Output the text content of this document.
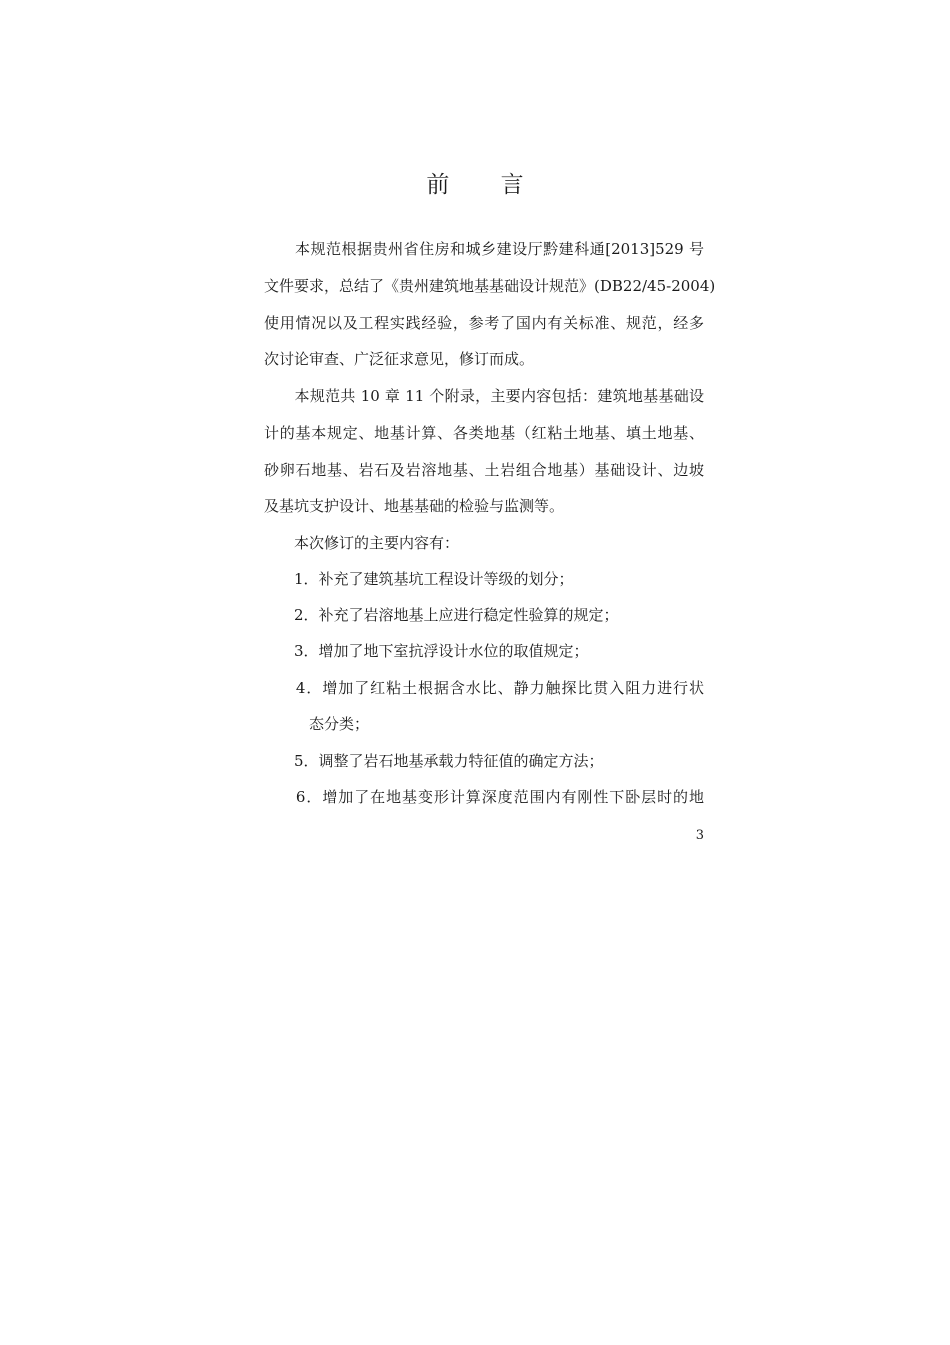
前 言
　　本规范根据贵州省住房和城乡建设厅黔建科通[2013]529 号
文件要求，总结了《贵州建筑地基基础设计规范》(DB22/45-2004)
使用情况以及工程实践经验，参考了国内有关标准、规范，经多
次讨论审查、广泛征求意见，修订而成。
　　本规范共 10 章 11 个附录，主要内容包括：建筑地基基础设
计的基本规定、地基计算、各类地基（红粘土地基、填土地基、
砂卵石地基、岩石及岩溶地基、土岩组合地基）基础设计、边坡
及基坑支护设计、地基基础的检验与监测等。
　　本次修订的主要内容有：
　　1．补充了建筑基坑工程设计等级的划分；
　　2．补充了岩溶地基上应进行稳定性验算的规定；
　　3．增加了地下室抗浮设计水位的取值规定；
　　4．增加了红粘土根据含水比、静力触探比贯入阻力进行状
　　　态分类；
　　5．调整了岩石地基承载力特征值的确定方法；
　　6．增加了在地基变形计算深度范围内有刚性下卧层时的地
3
